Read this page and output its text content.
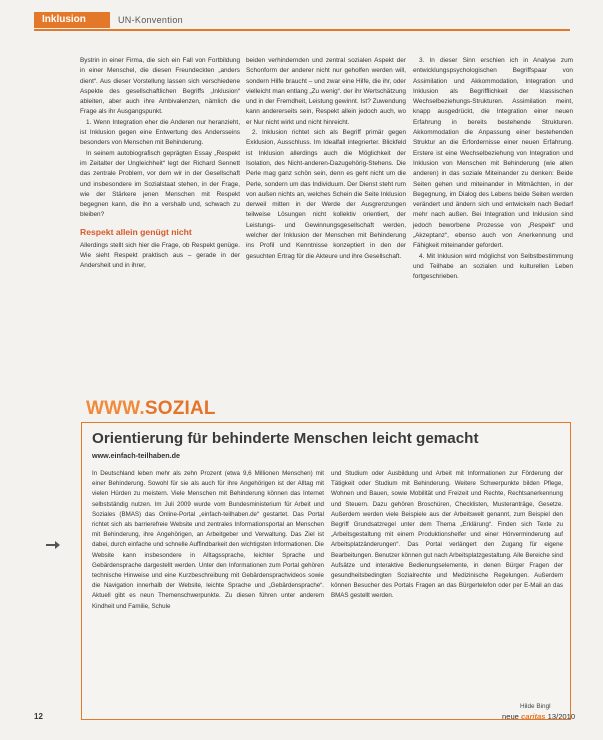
Inklusion	UN-Konvention

Bystrin in einer Firma, die sich ein Fall von Fortbildung in einer Menschel, die diesen Freundeckten „anders dient“. Aus dieser Vorstellung lassen sich verschiedene Aspekte des gesellschaftlichen Begriffs „Inklusion“ ableiten, aber auch ihre Ambivalenzen, nämlich die Frage als ihr Ausgangspunkt.

1. Wenn Integration eher die Anderen nur heranzieht, ist Inklusion gegen eine Entwertung des Andersseins besonders von Menschen mit Behinderung.

In seinem autobiografisch geprägten Essay „Respekt im Zeitalter der Ungleichheit“ legt der Richard Sennett das zentrale Problem, vor dem wir in der Gesellschaft und insbesondere im Sozialstaat stehen, in der Frage, wie der Stärkere jenen Menschen mit Respekt begegnen kann, die ihn a vershalb und, schwach zu bleiben?

Respekt allein genügt nicht

Allerdings stellt sich hier die Frage, ob Respekt genüge. Wie sieht Respekt praktisch aus – gerade in der Andersheit und in ihrer,

beiden verhindernden und zentral sozialen Aspekt der Schonform der anderer nicht nur geholfen werden will, sondern Hilfe braucht – und zwar eine Hilfe, die ihr, oder vielleicht man entlang „Zu wenig“. der ihr Wertschätzung und in der Fremdheit, Leistung gewinnt. Ist? Zuwendung kann andererseits sein, Respekt allein jedoch auch, wo er Nur nicht wirkt und nicht hinreicht.

2. Inklusion richtet sich als Begriff primär gegen Exklusion, Ausschluss. Im Idealfall integrierter. Blickfeld ist Inklusion allerdings auch die Möglichkeit der Isolation, des Nicht-anderen-Dazugehörig-Stehens. Die Perle mag ganz schön sein, denn es geht nicht um die Perle, sondern um das Individuum. Der Dienst steht rum von außen nichts an, welches Schein die Seite Inklusion derweil mitten in der Werde der Ausgrenzungen teilweise Lösungen nicht kollektiv orientiert, der Leistungs- und Gewinnungsgesellschaft werden, welcher der Inklusion der Menschen mit Behinderung ins Profil und Kenntnisse konzeptiert in den der gesuchten Ertrag für die Akteure und ihre Gesellschaft.

3. In dieser Sinn erschien ich in Analyse zum entwicklungspsychologischen Begriffspaar von Assimilation und Akkommodation, Integration und Inklusion als Begrifflichkeit der klassischen Wechselbeziehungs-Strukturen. Assimilation meint, knapp ausgedrückt, die Integration einer neuen Erfahrung in bereits bestehende Strukturen. Akkommodation die Anpassung einer bestehenden Struktur an die Erfordernisse einer neuen Erfahrung. Erstere ist eine Wechselbeziehung von Integration und Inklusion von Menschen mit Behinderung (wie allen anderen) in das soziale Miteinander zu denken: Beide Seiten gehen und miteinander in Mitmächten, in der Begegnung, im Dialog des Lebens beide Seiten werden verändert und ändern sich und entwickeln nach Bedarf mehr nach außen. Bei Integration und Inklusion sind jedoch beworbene Prozesse von „Respekt“ und „Akzeptanz“, ebenso auch von Anerkennung und Fähigkeit miteinander gefordert.

4. Mit Inklusion wird möglichst von Selbstbestimmung und Teilhabe an sozialen und kulturellen Leben fortgeschrieben.

WWW.SOZIAL
Orientierung für behinderte Menschen leicht gemacht
www.einfach-teilhaben.de
In Deutschland leben mehr als zehn Prozent (etwa 9,6 Millionen Menschen) mit einer Behinderung. Sowohl für sie als auch für ihre Angehörigen ist der Alltag mit vielen Hürden zu meistern. Viele Menschen mit Behinderung können das Internet selbstständig nutzen. Im Juli 2009 wurde vom Bundesministerium für Arbeit und Soziales (BMAS) das Online-Portal „einfach-teilhaben.de“ gestartet. Das Portal richtet sich als barrierefreie Website und zentrales Informationsportal an Menschen mit Behinderung, ihre Angehörigen, an Arbeitgeber und Verwaltung. Das Ziel ist dabei, durch einfache und schnelle Auffindbarkeit den wichtigsten Informationen. Die Website kann insbesondere in Alltagssprache, leichter Sprache und Gebärdensprache dargestellt werden. Unter den Informationen zum Portal gehören technische Hinweise und eine Kurzbeschreibung mit Gebärdensprachvideos sowie die Navigation innerhalb der Website, leichte Sprache und „Gebärdensprache“. Aktuell gibt es neun Themenschwerpunkte. Zu diesen führen unter anderem Kindheit und Familie, Schule
und Studium oder Ausbildung und Arbeit mit Informationen zur Förderung der Tätigkeit oder Studium mit Behinderung. Weitere Schwerpunkte bilden Pflege, Wohnen und Bauen, sowie Mobilität und Freizeit und Rechte, Rechtsanerkennung und Steuern. Dazu gehören Broschüren, Checklisten, Musteranträge, Gesetze. Außerdem werden viele Beispiele aus der Arbeitswelt genannt, zum Beispiel den Begriff Grundsatzregel unter dem Thema „Erklärung“. Finden sich Texte zu „Arbeitsgestaltung mit einem Produktionshelfer und einer Hörverminderung auf Arbeitsplatzänderungen“. Das Portal verlängert den Zugang für eigene Bearbeitungen. Benutzer können gut nach Arbeitsplatzgestaltung. Alle Bereiche sind Aufsätze und interaktive Bedienungselemente, in denen Bürger Fragen der gesundheitsbedingten Sozialrechte und Medizinische Regelungen. Außerdem können Besucher des Portals Fragen an das Bürgertelefon oder per E-Mail an das BMAS gestellt werden.
Hilde Bingl
12	neue caritas 13/2010
